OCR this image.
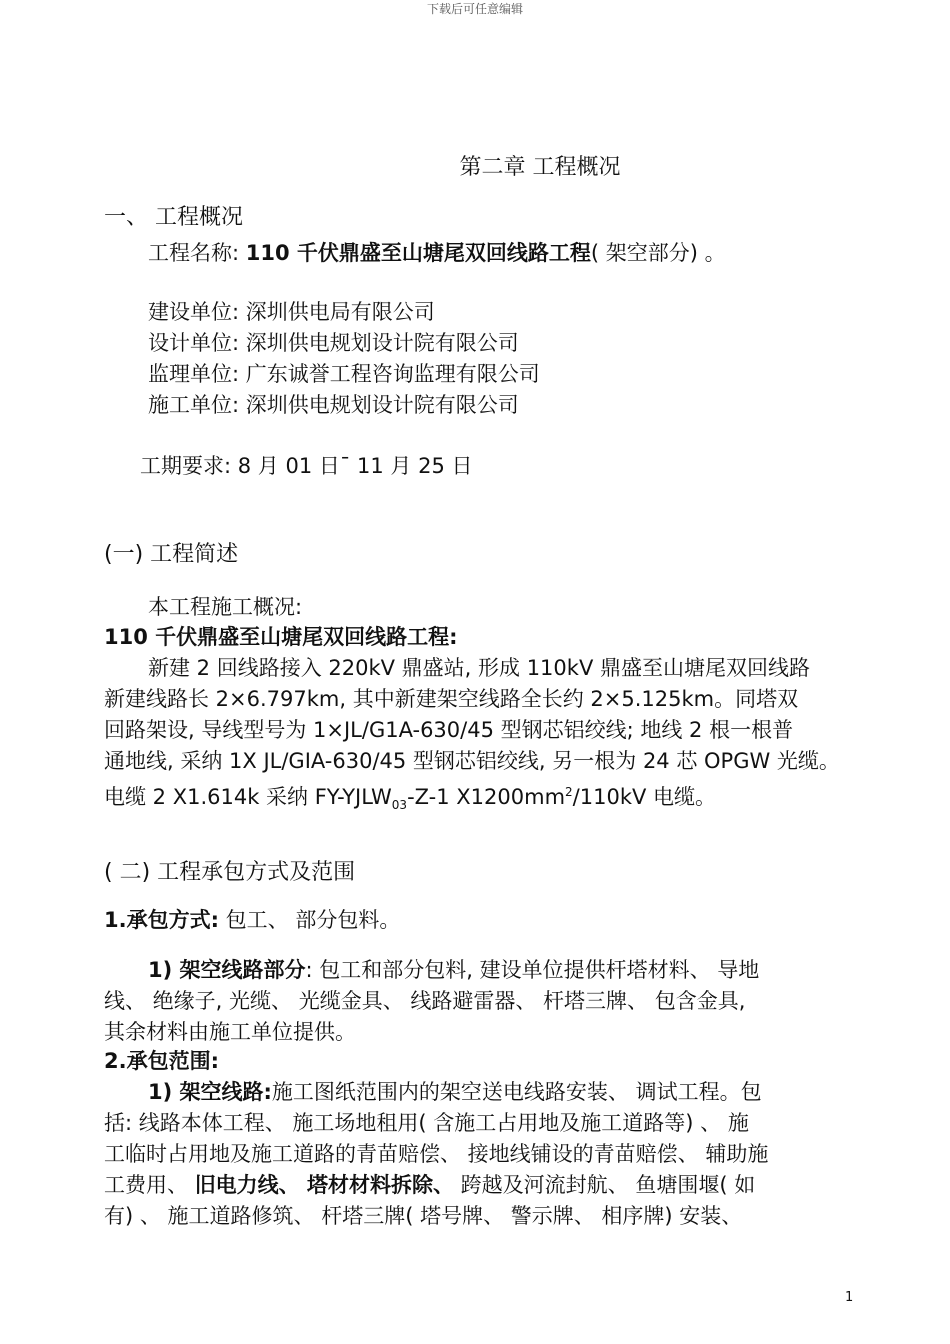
下载后可任意编辑
第二章 工程概况
一、 工程概况
工程名称: 110 千伏鼎盛至山塘尾双回线路工程( 架空部分) 。
建设单位: 深圳供电局有限公司
设计单位: 深圳供电规划设计院有限公司
监理单位: 广东诚誉工程咨询监理有限公司
施工单位: 深圳供电规划设计院有限公司
工期要求: 8 月 01 日¯ 11 月 25 日
(一) 工程简述
本工程施工概况:
110 千伏鼎盛至山塘尾双回线路工程:
新建 2 回线路接入 220kV 鼎盛站, 形成 110kV 鼎盛至山塘尾双回线路
新建线路长 2×6.797km, 其中新建架空线路全长约 2×5.125km。同塔双
回路架设, 导线型号为 1×JL/G1A-630/45 型钢芯铝绞线; 地线 2 根一根普
通地线, 采纳 1X JL/GIA-630/45 型钢芯铝绞线, 另一根为 24 芯 OPGW 光缆。
电缆 2 X1.614k 采纳 $FY-YJLW_{03}-Z-1$ $X1200mm^2/110kV$ 电缆。
( 二) 工程承包方式及范围
1.承包方式: 包工、 部分包料。
1) 架空线路部分: 包工和部分包料, 建设单位提供杆塔材料、 导地
线、 绝缘子, 光缆、 光缆金具、 线路避雷器、 杆塔三牌、 包含金具,
其余材料由施工单位提供。
2.承包范围:
1) 架空线路:施工图纸范围内的架空送电线路安装、 调试工程。包
括: 线路本体工程、 施工场地租用( 含施工占用地及施工道路等) 、 施
工临时占用地及施工道路的青苗赔偿、 接地线铺设的青苗赔偿、 辅助施
工费用、 旧电力线、 塔材材料拆除、 跨越及河流封航、 鱼塘围堰( 如
有) 、 施工道路修筑、 杆塔三牌( 塔号牌、 警示牌、 相序牌) 安装、
1
